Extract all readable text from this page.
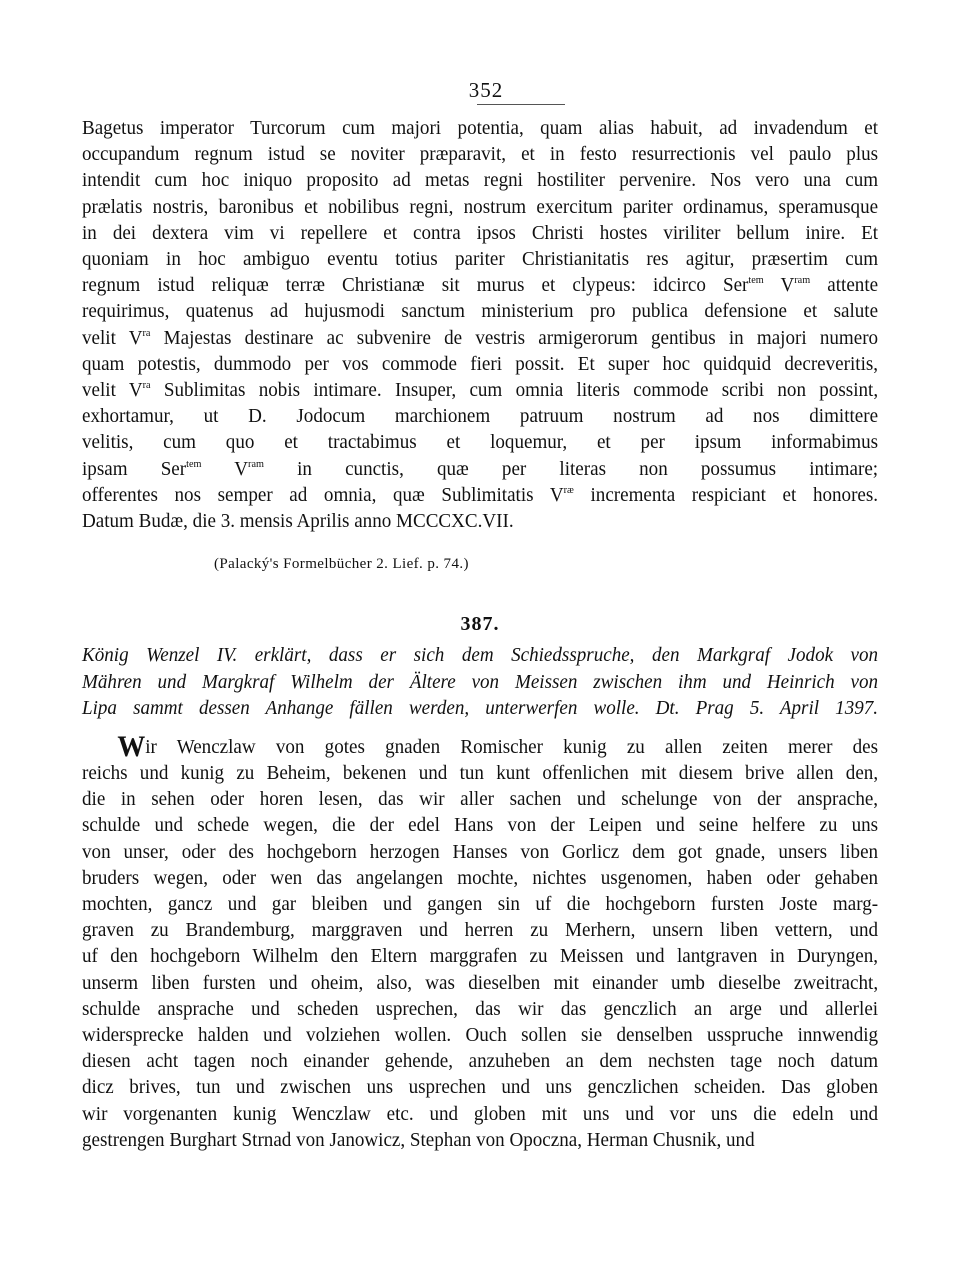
352
Bagetus imperator Turcorum cum majori potentia, quam alias habuit, ad invadendum et
occupandum regnum istud se noviter præparavit, et in festo resurrectionis vel paulo plus
intendit cum hoc iniquo proposito ad metas regni hostiliter pervenire. Nos vero una cum
prælatis nostris, baronibus et nobilibus regni, nostrum exercitum pariter ordinamus, speramusque
in dei dextera vim vi repellere et contra ipsos Christi hostes viriliter bellum inire. Et
quoniam in hoc ambiguo eventu totius pariter Christianitatis res agitur, præsertim cum
regnum istud reliquæ terræ Christianæ sit murus et clypeus: idcirco Ser$^{tem}$ $V^{ram}$ attente
requirimus, quatenus ad hujusmodi sanctum ministerium pro publica defensione et salute
velit $V^{ra}$ Majestas destinare ac subvenire de vestris armigerorum gentibus in majori numero
quam potestis, dummodo per vos commode fieri possit. Et super hoc quidquid decreveritis,
velit $V^{ra}$ Sublimitas nobis intimare. Insuper, cum omnia literis commode scribi non possint,
exhortamur, ut D. Jodocum marchionem patruum nostrum ad nos dimittere
velitis, cum quo et tractabimus et loquemur, et per ipsum informabimus
ipsam Ser$^{tem}$ $V^{ram}$ in cunctis, quæ per literas non possumus intimare;
offerentes nos semper ad omnia, quæ Sublimitatis $V^{ræ}$ incrementa respiciant et honores.
Datum Budæ, die 3. mensis Aprilis anno MCCCXC.VII.
(Palacký's Formelbücher 2. Lief. p. 74.)
387.
König Wenzel IV. erklärt, dass er sich dem Schiedsspruche, den Markgraf Jodok von
Mähren und Margkraf Wilhelm der Ältere von Meissen zwischen ihm und Heinrich von
Lipa sammt dessen Anhange fällen werden, unterwerfen wolle. Dt. Prag 5. April 1397.
Wir Wenczlaw von gotes gnaden Romischer kunig zu allen zeiten merer des
reichs und kunig zu Beheim, bekenen und tun kunt offenlichen mit diesem brive allen den,
die in sehen oder horen lesen, das wir aller sachen und schelunge von der ansprache,
schulde und schede wegen, die der edel Hans von der Leipen und seine helfere zu uns
von unser, oder des hochgeborn herzogen Hanses von Gorlicz dem got gnade, unsers liben
bruders wegen, oder wen das angelangen mochte, nichtes usgenomen, haben oder gehaben
mochten, gancz und gar bleiben und gangen sin uf die hochgeborn fursten Joste marg-
graven zu Brandemburg, marggraven und herren zu Merhern, unsern liben vettern, und
uf den hochgeborn Wilhelm den Eltern marggrafen zu Meissen und lantgraven in Duryngen,
unserm liben fursten und oheim, also, was dieselben mit einander umb dieselbe zweitracht,
schulde ansprache und scheden usprechen, das wir das genczlich an arge und allerlei
widersprecke halden und volziehen wollen. Ouch sollen sie denselben usspruche innwendig
diesen acht tagen noch einander gehende, anzuheben an dem nechsten tage noch datum
dicz brives, tun und zwischen uns usprechen und uns genczlichen scheiden. Das globen
wir vorgenanten kunig Wenczlaw etc. und globen mit uns und vor uns die edeln und
gestrengen Burghart Strnad von Janowicz, Stephan von Opoczna, Herman Chusnik, und
